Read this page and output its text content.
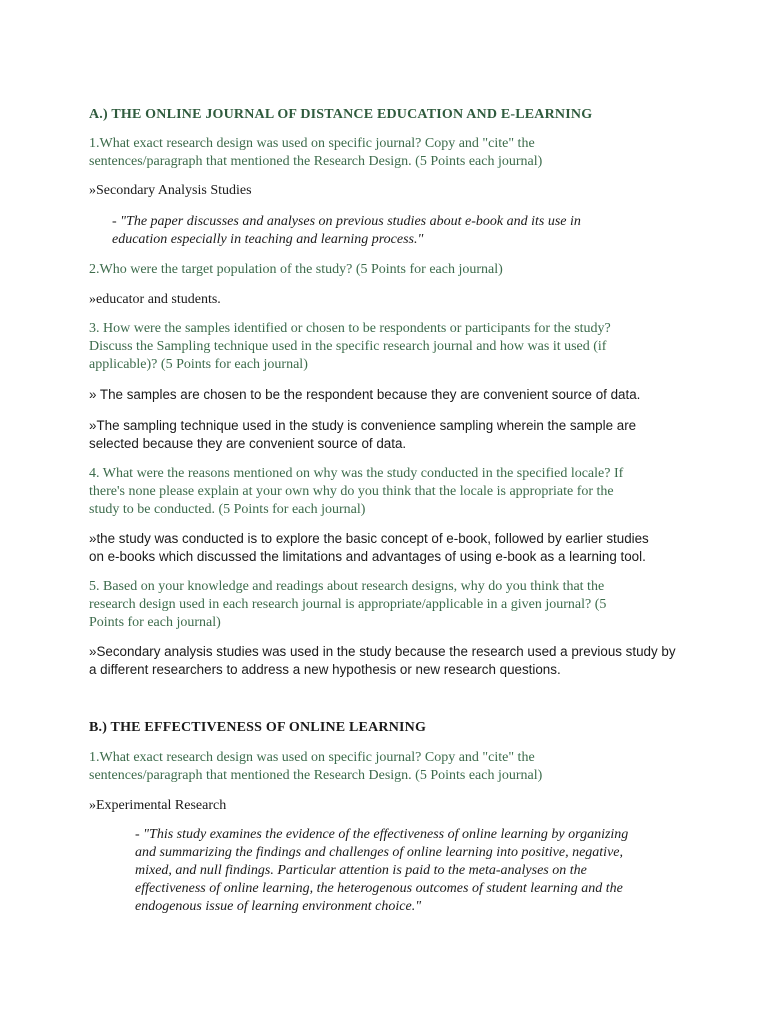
A.) THE ONLINE JOURNAL OF DISTANCE EDUCATION AND E-LEARNING

1.What exact research design was used on specific journal? Copy and "cite" the
sentences/paragraph that mentioned the Research Design. (5 Points each journal)

»Secondary Analysis Studies

- "The paper discusses and analyses on previous studies about e-book and its use in
education especially in teaching and learning process."

2.Who were the target population of the study? (5 Points for each journal)

»educator and students.

3. How were the samples identified or chosen to be respondents or participants for the study?
Discuss the Sampling technique used in the specific research journal and how was it used (if
applicable)? (5 Points for each journal)

» The samples are chosen to be the respondent because they are convenient source of data.

»The sampling technique used in the study is convenience sampling wherein the sample are
selected because they are convenient source of data.

4. What were the reasons mentioned on why was the study conducted in the specified locale? If
there's none please explain at your own why do you think that the locale is appropriate for the
study to be conducted. (5 Points for each journal)

»the study was conducted is to explore the basic concept of e-book, followed by earlier studies
on e-books which discussed the limitations and advantages of using e-book as a learning tool.

5. Based on your knowledge and readings about research designs, why do you think that the
research design used in each research journal is appropriate/applicable in a given journal? (5
Points for each journal)

»Secondary analysis studies was used in the study because the research used a previous study by
a different researchers to address a new hypothesis or new research questions.

B.) THE EFFECTIVENESS OF ONLINE LEARNING

1.What exact research design was used on specific journal? Copy and "cite" the
sentences/paragraph that mentioned the Research Design. (5 Points each journal)

»Experimental Research

- "This study examines the evidence of the effectiveness of online learning by organizing
and summarizing the findings and challenges of online learning into positive, negative,
mixed, and null findings. Particular attention is paid to the meta-analyses on the
effectiveness of online learning, the heterogenous outcomes of student learning and the
endogenous issue of learning environment choice."
